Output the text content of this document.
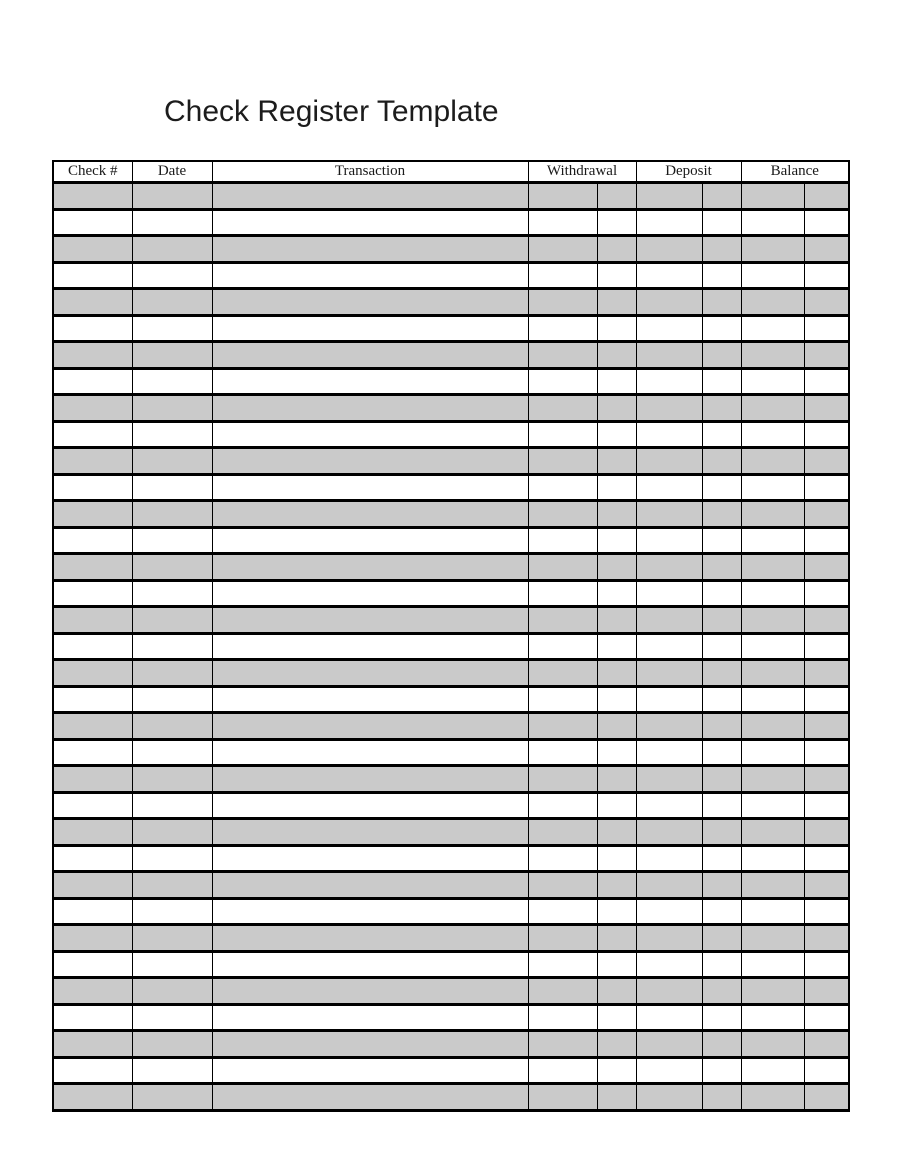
Check Register Template
Check #	Date	Transaction	Withdrawal		Deposit		Balance	
